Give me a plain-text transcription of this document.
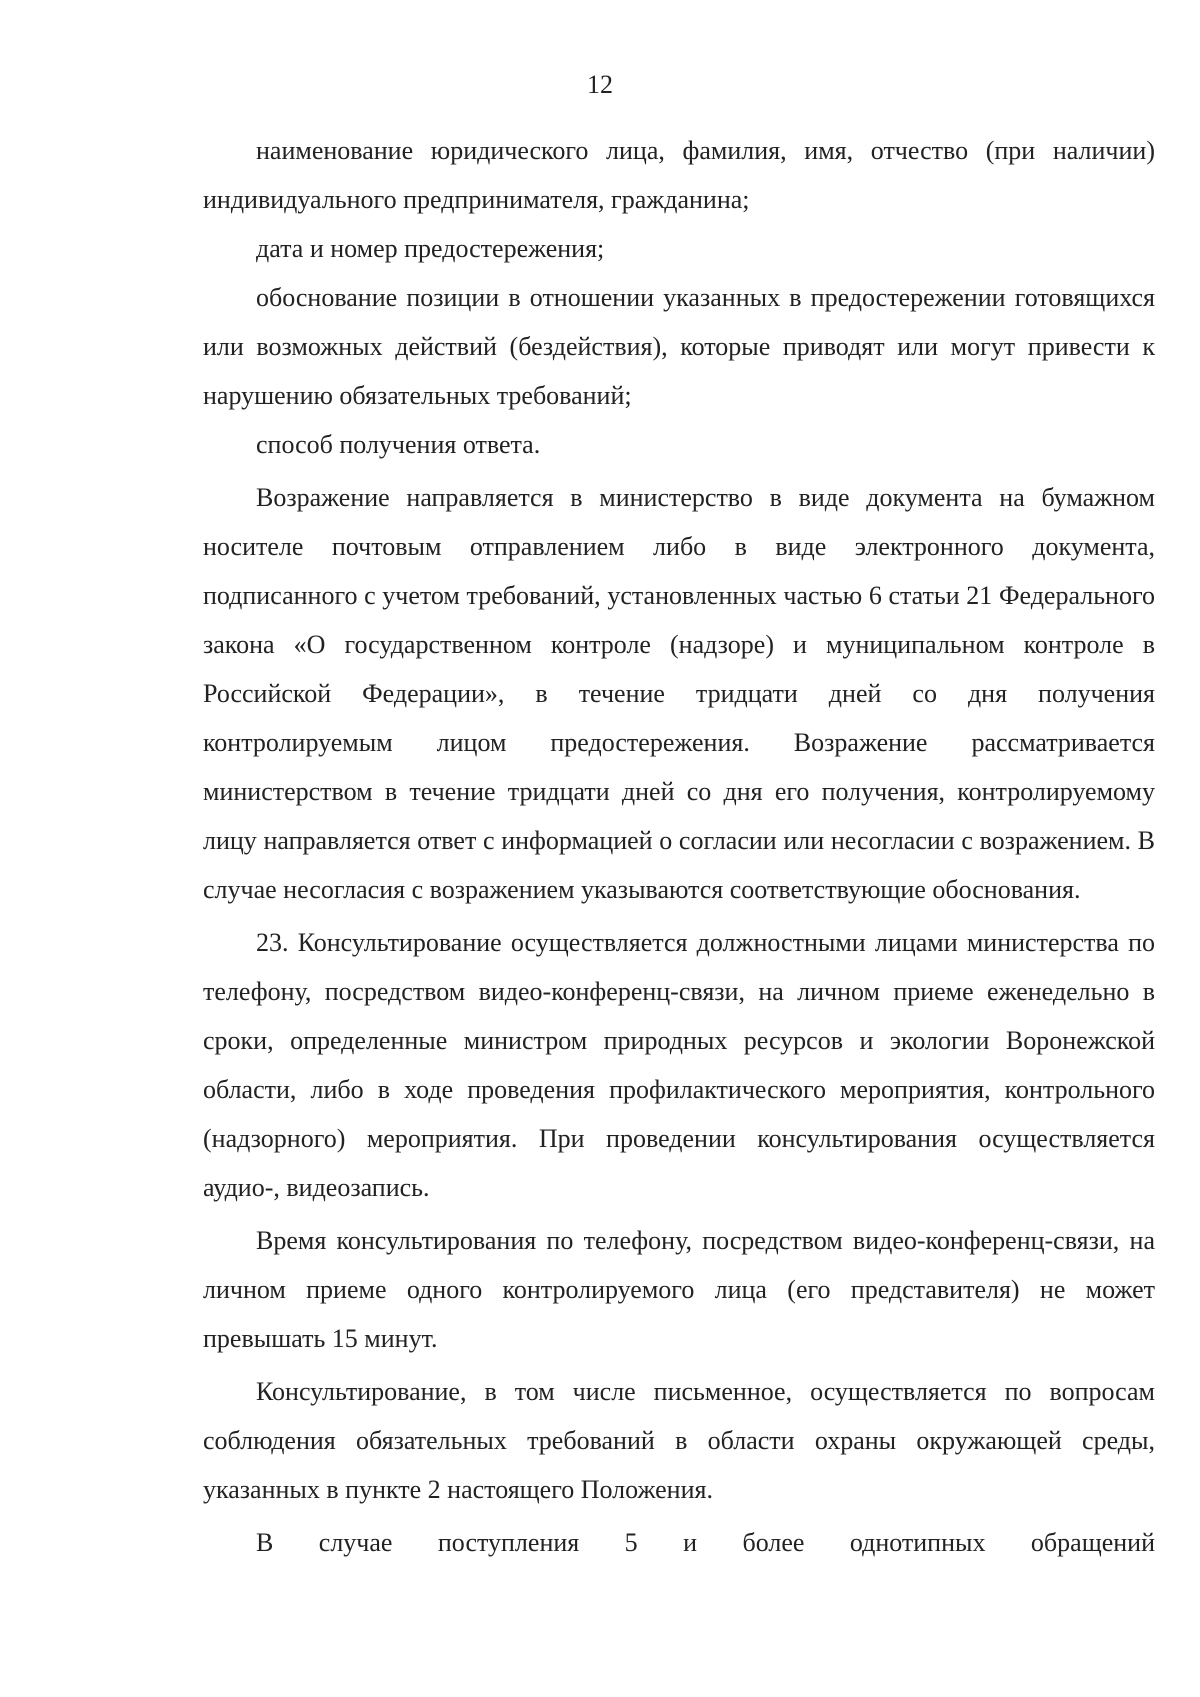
12

наименование юридического лица, фамилия, имя, отчество (при наличии) индивидуального предпринимателя, гражданина;

дата и номер предостережения;

обоснование позиции в отношении указанных в предостережении готовящихся или возможных действий (бездействия), которые приводят или могут привести к нарушению обязательных требований;

способ получения ответа.

Возражение направляется в министерство в виде документа на бумажном носителе почтовым отправлением либо в виде электронного документа, подписанного с учетом требований, установленных частью 6 статьи 21 Федерального закона «О государственном контроле (надзоре) и муниципальном контроле в Российской Федерации», в течение тридцати дней со дня получения контролируемым лицом предостережения. Возражение рассматривается министерством в течение тридцати дней со дня его получения, контролируемому лицу направляется ответ с информацией о согласии или несогласии с возражением. В случае несогласия с возражением указываются соответствующие обоснования.

23. Консультирование осуществляется должностными лицами министерства по телефону, посредством видео-конференц-связи, на личном приеме еженедельно в сроки, определенные министром природных ресурсов и экологии Воронежской области, либо в ходе проведения профилактического мероприятия, контрольного (надзорного) мероприятия. При проведении консультирования осуществляется аудио-, видеозапись.

Время консультирования по телефону, посредством видео-конференц-связи, на личном приеме одного контролируемого лица (его представителя) не может превышать 15 минут.

Консультирование, в том числе письменное, осуществляется по вопросам соблюдения обязательных требований в области охраны окружающей среды, указанных в пункте 2 настоящего Положения.

В случае поступления 5 и более однотипных обращений
